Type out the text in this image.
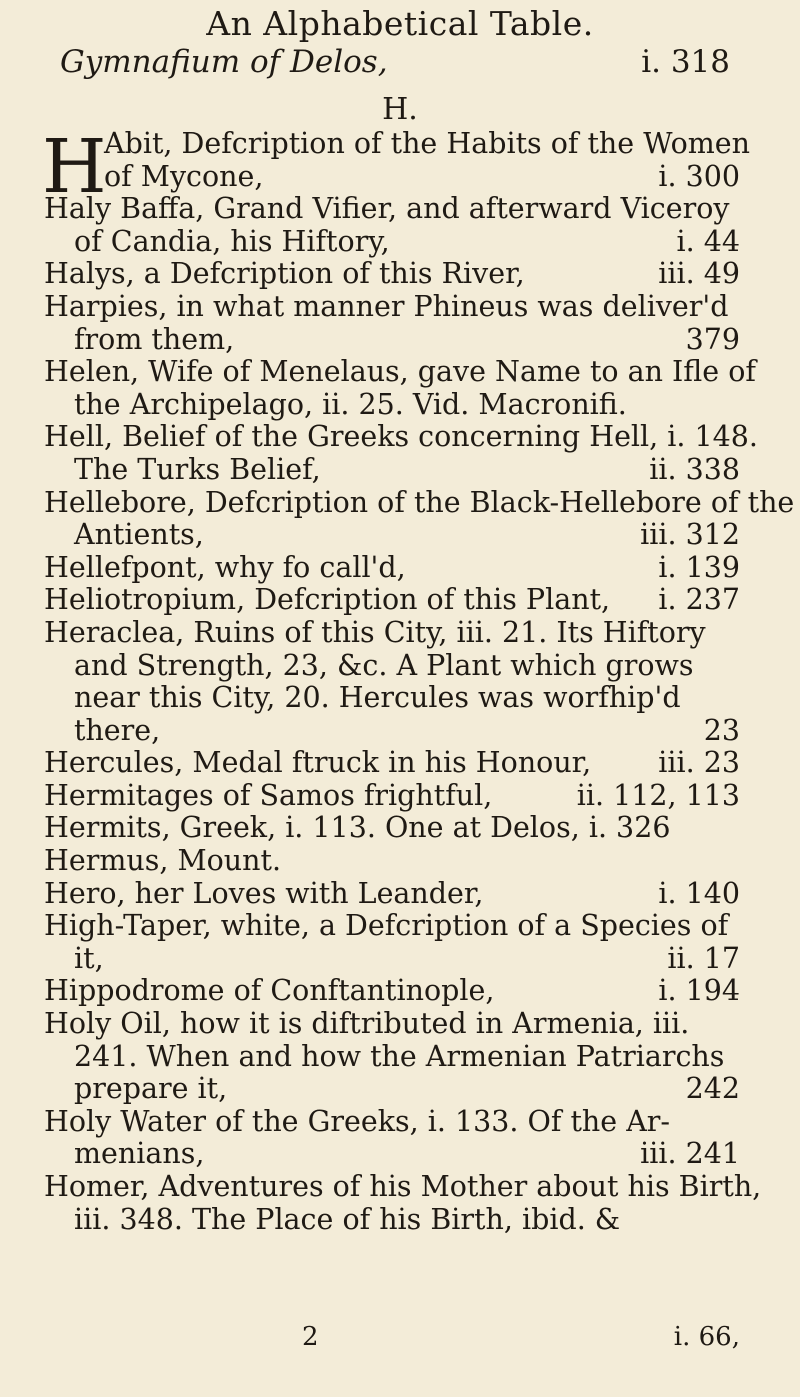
An Alphabetical Table.
Gymnafium of Delos,	i. 318
H.
H
Abit, Defcription of the Habits of the Women
of Mycone,	i. 300
Haly Baffa, Grand Vifier, and afterward Viceroy
of Candia, his Hiftory,	i. 44
Halys, a Defcription of this River,	iii. 49
Harpies, in what manner Phineus was deliver'd
from them,	379
Helen, Wife of Menelaus, gave Name to an Ifle of
the Archipelago, ii. 25. Vid. Macronifi.
Hell, Belief of the Greeks concerning Hell, i. 148.
The Turks Belief,	ii. 338
Hellebore, Defcription of the Black-Hellebore of the
Antients,	iii. 312
Hellefpont, why fo call'd,	i. 139
Heliotropium, Defcription of this Plant, i. 237
Heraclea, Ruins of this City, iii. 21. Its Hiftory
and Strength, 23, &c. A Plant which grows
near this City, 20. Hercules was worfhip'd
there,	23
Hercules, Medal ftruck in his Honour, iii. 23
Hermitages of Samos frightful,	ii. 112, 113
Hermits, Greek, i. 113. One at Delos, i. 326
Hermus, Mount.
Hero, her Loves with Leander,	i. 140
High-Taper, white, a Defcription of a Species of
it,	ii. 17
Hippodrome of Conftantinople,	i. 194
Holy Oil, how it is diftributed in Armenia, iii.
241. When and how the Armenian Patriarchs
prepare it,	242
Holy Water of the Greeks, i. 133. Of the Ar-
menians,	iii. 241
Homer, Adventures of his Mother about his Birth,
iii. 348. The Place of his Birth, ibid. &
2	i. 66,
